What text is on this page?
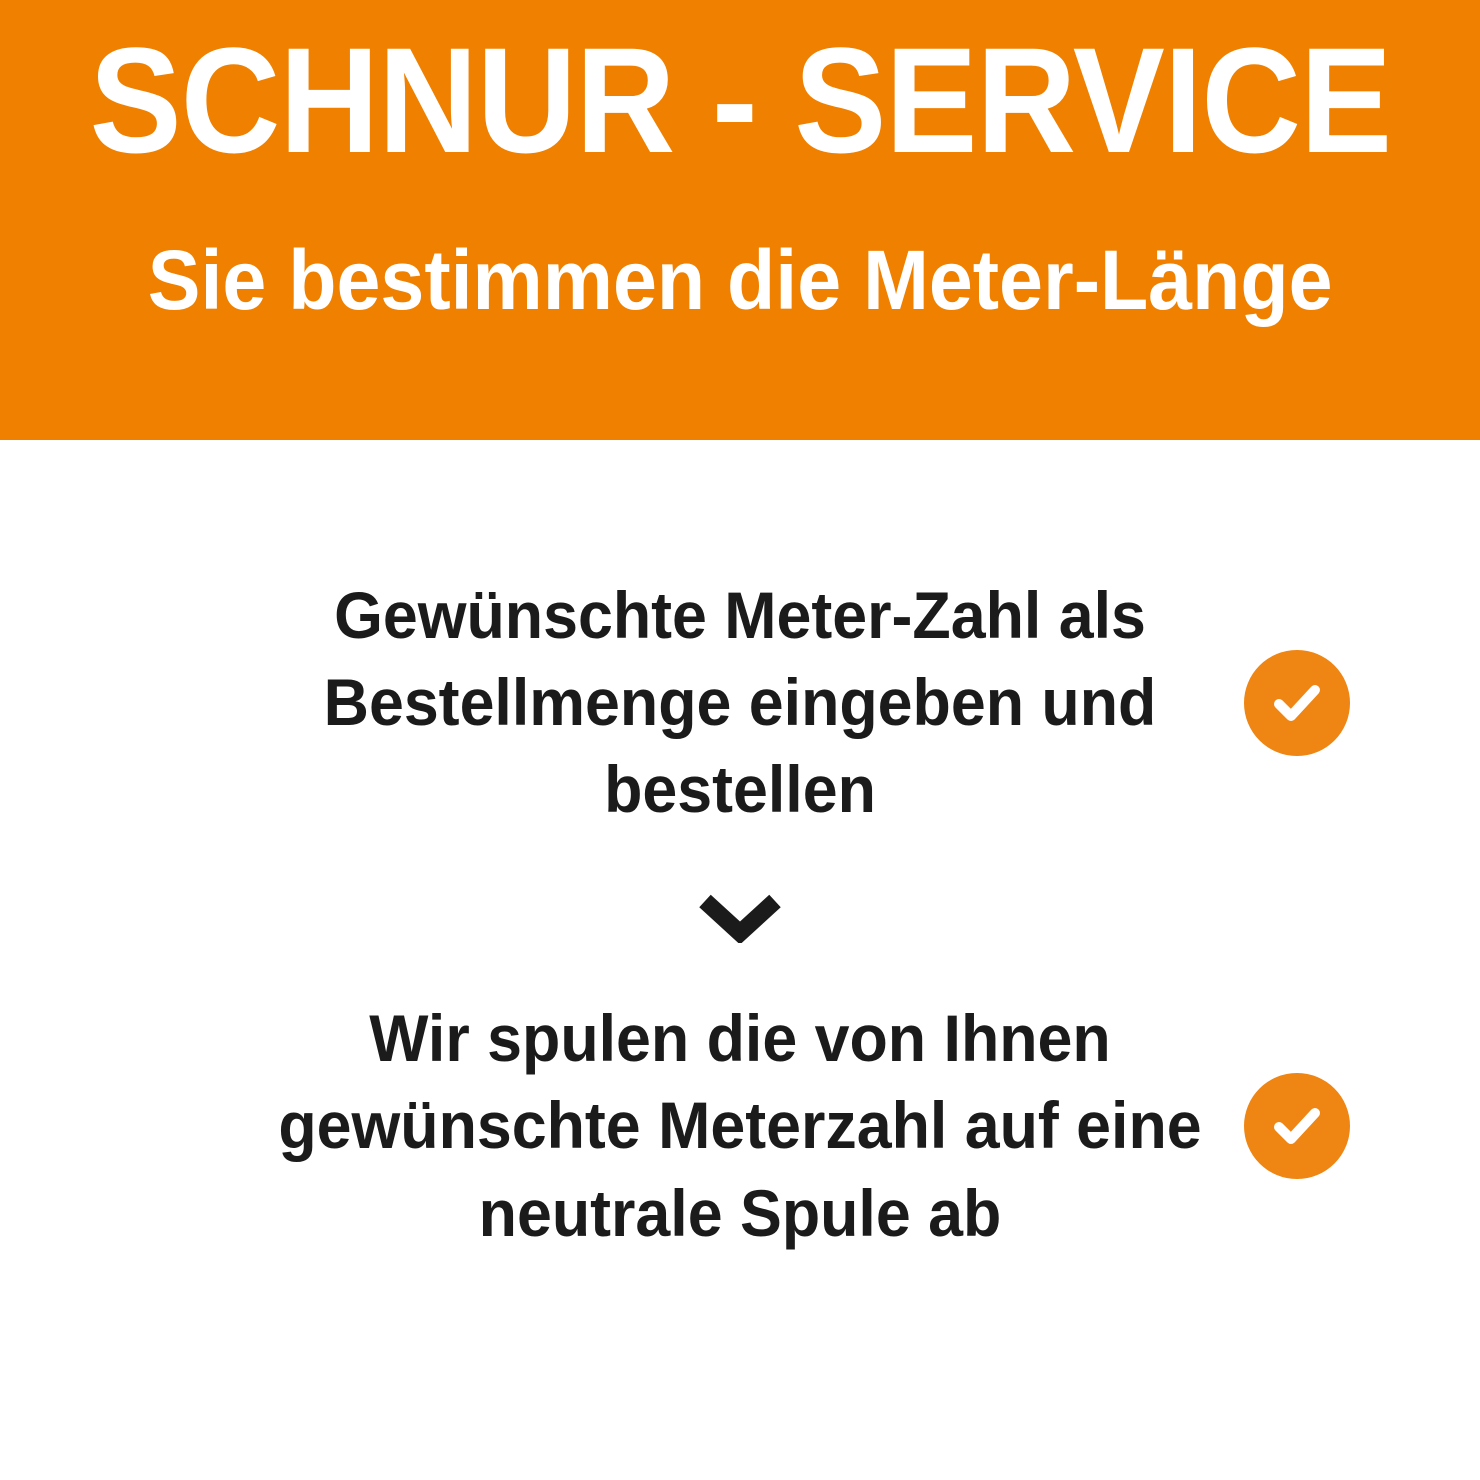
SCHNUR - SERVICE
Sie bestimmen die Meter-Länge
Gewünschte Meter-Zahl als Bestellmenge eingeben und bestellen
Wir spulen die von Ihnen gewünschte Meterzahl auf eine neutrale Spule ab
